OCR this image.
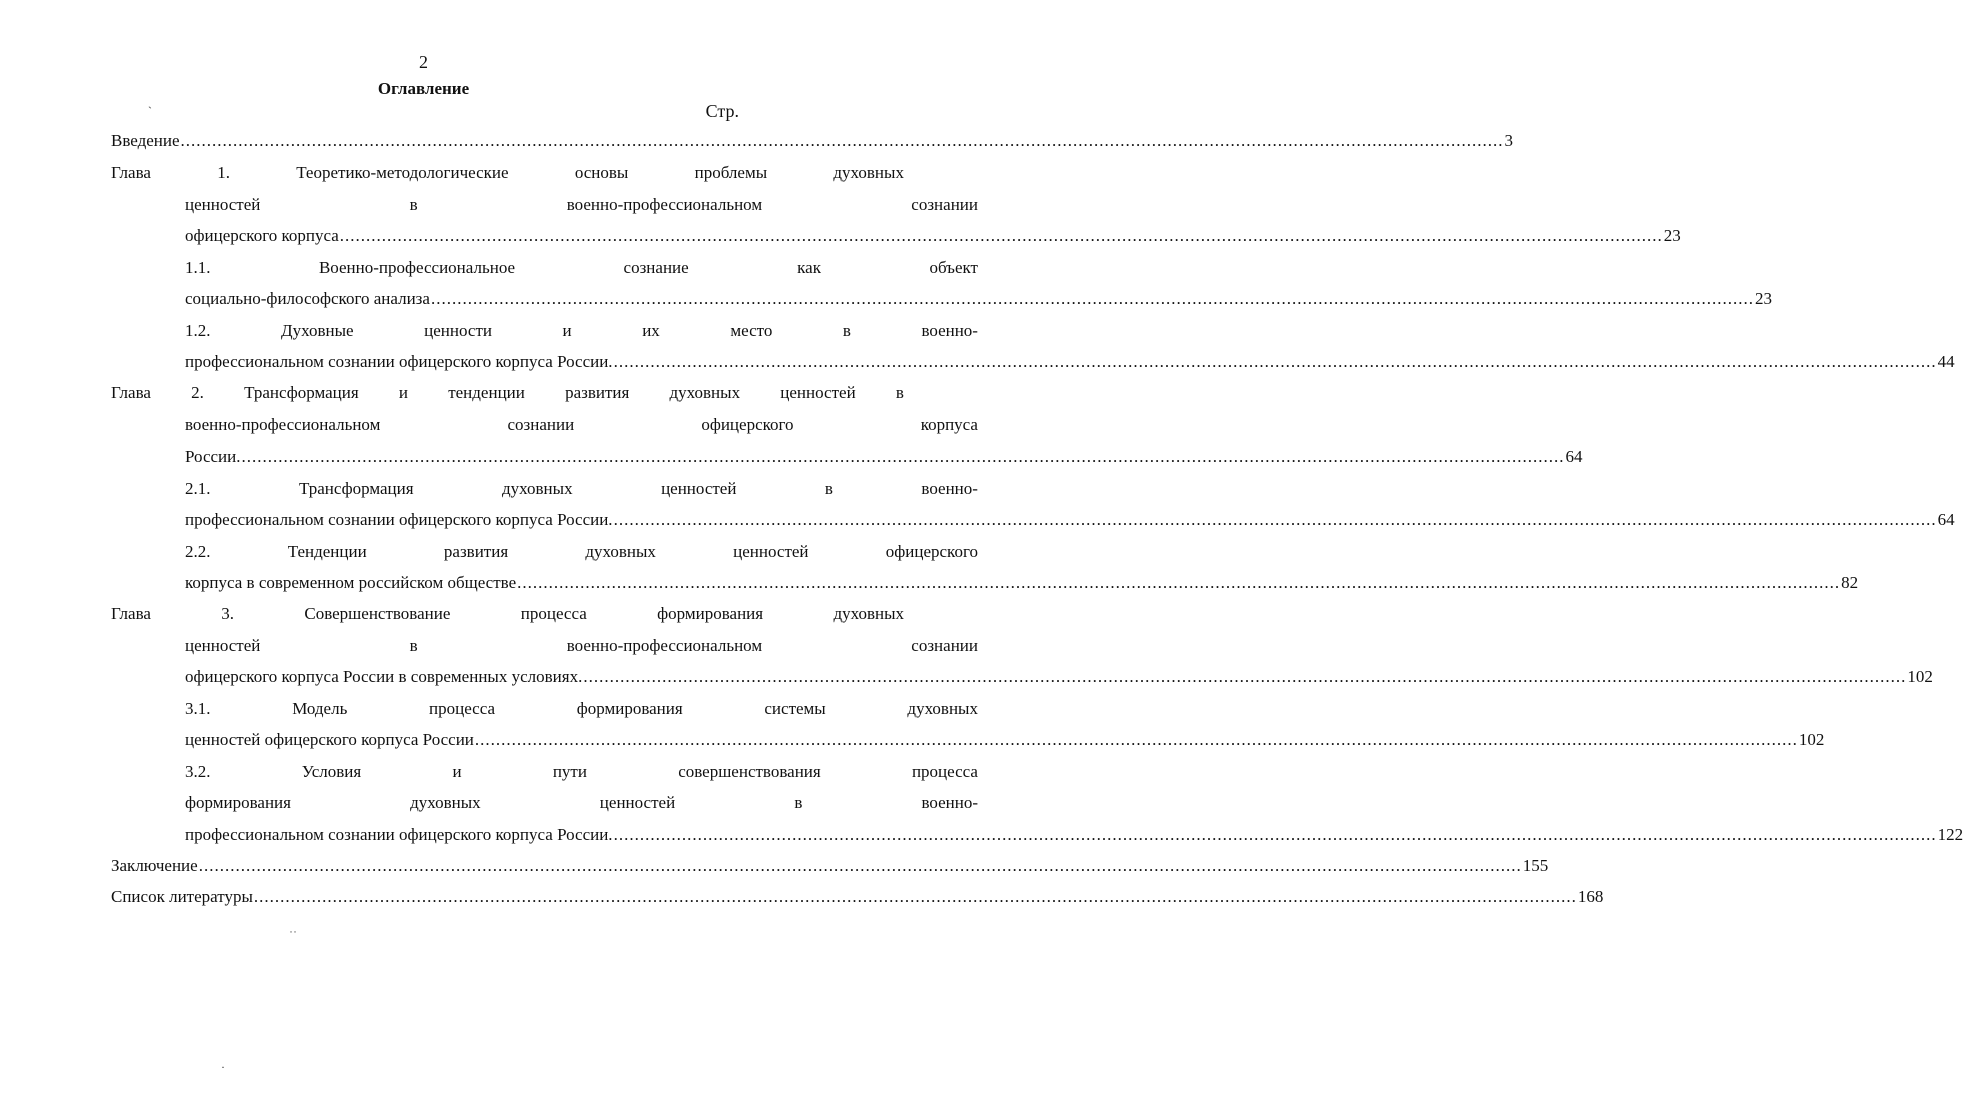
2
Оглавление
Стр.
ˋ
˙˙
·
Введение .....	3
Глава	1.	Теоретико-методологические	основы	проблемы	духовных
ценностей	в	военно-профессиональном	сознании
офицерского корпуса .....	23
1.1.	Военно-профессиональное	сознание	как	объект
социально-философского анализа .....	23
1.2.	Духовные	ценности	и	их	место	в	военно-
профессиональном сознании офицерского корпуса России. .....	44
Глава 2. Трансформация и тенденции развития духовных ценностей в
военно-профессиональном	сознании	офицерского	корпуса
России. .....	64
2.1.	Трансформация	духовных	ценностей	в	военно-
профессиональном сознании офицерского корпуса России. .....	64
2.2.	Тенденции	развития	духовных	ценностей	офицерского
корпуса в современном российском обществе .....	82
Глава	3.	Совершенствование	процесса	формирования	духовных
ценностей	в	военно-профессиональном	сознании
офицерского корпуса России в современных условиях. .....	102
3.1.	Модель	процесса	формирования	системы	духовных
ценностей офицерского корпуса России .....	102
3.2.	Условия	и	пути	совершенствования	процесса
формирования	духовных	ценностей	в	военно-
профессиональном сознании офицерского корпуса России. .....	122
Заключение .....	155
Список литературы .....	168
